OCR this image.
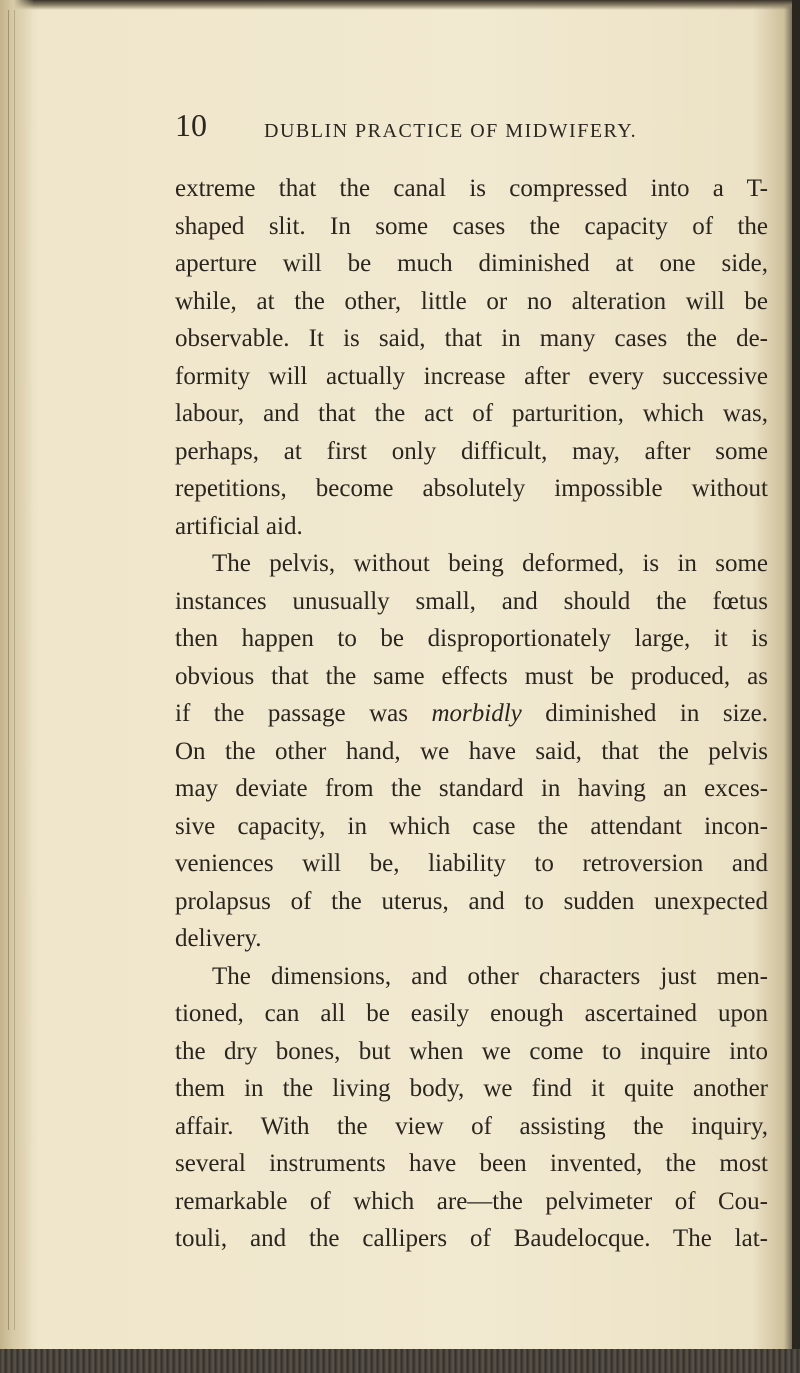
10	DUBLIN PRACTICE OF MIDWIFERY.
extreme that the canal is compressed into a T-
shaped slit. In some cases the capacity of the
aperture will be much diminished at one side,
while, at the other, little or no alteration will be
observable. It is said, that in many cases the de-
formity will actually increase after every successive
labour, and that the act of parturition, which was,
perhaps, at first only difficult, may, after some
repetitions, become absolutely impossible without
artificial aid.
The pelvis, without being deformed, is in some
instances unusually small, and should the fœtus
then happen to be disproportionately large, it is
obvious that the same effects must be produced, as
if the passage was morbidly diminished in size.
On the other hand, we have said, that the pelvis
may deviate from the standard in having an exces-
sive capacity, in which case the attendant incon-
veniences will be, liability to retroversion and
prolapsus of the uterus, and to sudden unexpected
delivery.
The dimensions, and other characters just men-
tioned, can all be easily enough ascertained upon
the dry bones, but when we come to inquire into
them in the living body, we find it quite another
affair. With the view of assisting the inquiry,
several instruments have been invented, the most
remarkable of which are—the pelvimeter of Cou-
touli, and the callipers of Baudelocque. The lat-
